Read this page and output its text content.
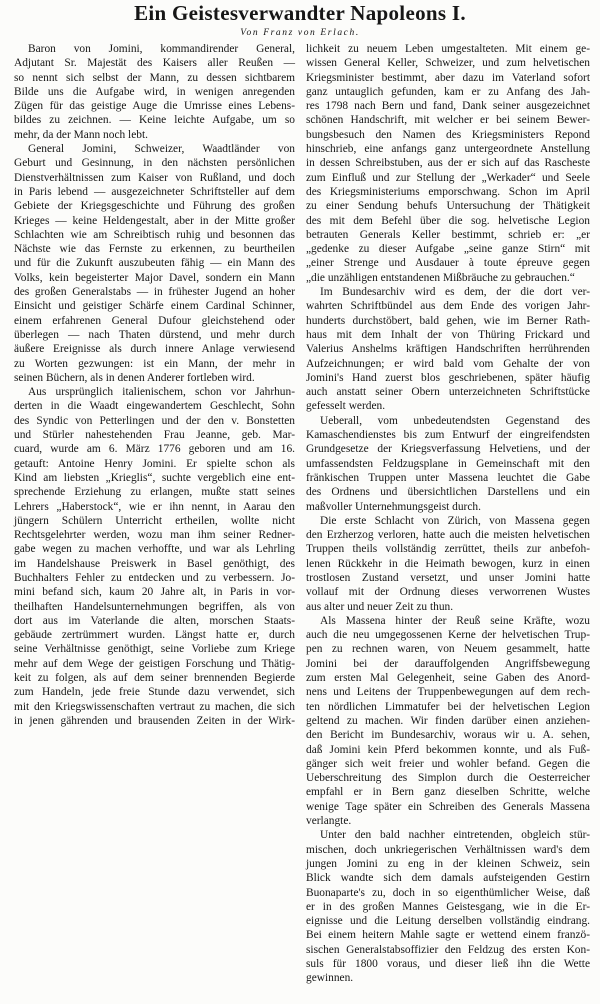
Ein Geistesverwandter Napoleons I.
Von Franz von Erlach.
Baron von Jomini, kommandirender General,
Adjutant Sr. Majestät des Kaisers aller Reußen —
so nennt sich selbst der Mann, zu dessen sichtbarem
Bilde uns die Aufgabe wird, in wenigen anregenden
Zügen für das geistige Auge die Umrisse eines Lebens-
bildes zu zeichnen. — Keine leichte Aufgabe, um so
mehr, da der Mann noch lebt.
General Jomini, Schweizer, Waadtländer von
Geburt und Gesinnung, in den nächsten persönlichen
Dienstverhältnissen zum Kaiser von Rußland, und doch
in Paris lebend — ausgezeichneter Schriftsteller auf dem
Gebiete der Kriegsgeschichte und Führung des großen
Krieges — keine Heldengestalt, aber in der Mitte großer
Schlachten wie am Schreibtisch ruhig und besonnen das
Nächste wie das Fernste zu erkennen, zu beurtheilen
und für die Zukunft auszubeuten fähig — ein Mann des
Volks, kein begeisterter Major Davel, sondern ein Mann
des großen Generalstabs — in frühester Jugend an hoher
Einsicht und geistiger Schärfe einem Cardinal Schinner,
einem erfahrenen General Dufour gleichstehend oder
überlegen — nach Thaten dürstend, und mehr durch
äußere Ereignisse als durch innere Anlage verwiesend
zu Worten gezwungen: ist ein Mann, der mehr in
seinen Büchern, als in denen Anderer fortleben wird.
Aus ursprünglich italienischem, schon vor Jahrhun-
derten in die Waadt eingewandertem Geschlecht, Sohn
des Syndic von Petterlingen und der den v. Bonstetten
und Stürler nahestehenden Frau Jeanne, geb. Mar-
cuard, wurde am 6. März 1776 geboren und am 16.
getauft: Antoine Henry Jomini. Er spielte schon als
Kind am liebsten „Krieglis“, suchte vergeblich eine ent-
sprechende Erziehung zu erlangen, mußte statt seines
Lehrers „Haberstock“, wie er ihn nennt, in Aarau den
jüngern Schülern Unterricht ertheilen, wollte nicht
Rechtsgelehrter werden, wozu man ihm seiner Redner-
gabe wegen zu machen verhoffte, und war als Lehrling
im Handelshause Preiswerk in Basel genöthigt, des
Buchhalters Fehler zu entdecken und zu verbessern. Jo-
mini befand sich, kaum 20 Jahre alt, in Paris in vor-
theilhaften Handelsunternehmungen begriffen, als von
dort aus im Vaterlande die alten, morschen Staats-
gebäude zertrümmert wurden. Längst hatte er, durch
seine Verhältnisse genöthigt, seine Vorliebe zum Kriege
mehr auf dem Wege der geistigen Forschung und Thätig-
keit zu folgen, als auf dem seiner brennenden Begierde
zum Handeln, jede freie Stunde dazu verwendet, sich
mit den Kriegswissenschaften vertraut zu machen, die sich
in jenen gährenden und brausenden Zeiten in der Wirk-
lichkeit zu neuem Leben umgestalteten. Mit einem ge-
wissen General Keller, Schweizer, und zum helvetischen
Kriegsminister bestimmt, aber dazu im Vaterland sofort
ganz untauglich gefunden, kam er zu Anfang des Jah-
res 1798 nach Bern und fand, Dank seiner ausgezeichnet
schönen Handschrift, mit welcher er bei seinem Bewer-
bungsbesuch den Namen des Kriegsministers Repond
hinschrieb, eine anfangs ganz untergeordnete Anstellung
in dessen Schreibstuben, aus der er sich auf das Rascheste
zum Einfluß und zur Stellung der „Werkader“ und Seele
des Kriegsministeriums emporschwang. Schon im April
zu einer Sendung behufs Untersuchung der Thätigkeit
des mit dem Befehl über die sog. helvetische Legion
betrauten Generals Keller bestimmt, schrieb er: „er
„gedenke zu dieser Aufgabe „seine ganze Stirn“ mit
„einer Strenge und Ausdauer à toute épreuve gegen
„die unzähligen entstandenen Mißbräuche zu gebrauchen.“
Im Bundesarchiv wird es dem, der die dort ver-
wahrten Schriftbündel aus dem Ende des vorigen Jahr-
hunderts durchstöbert, bald gehen, wie im Berner Rath-
haus mit dem Inhalt der von Thüring Frickard und
Valerius Anshelms kräftigen Handschriften herrührenden
Aufzeichnungen; er wird bald vom Gehalte der von
Jomini's Hand zuerst blos geschriebenen, später häufig
auch anstatt seiner Obern unterzeichneten Schriftstücke
gefesselt werden.
Ueberall, vom unbedeutendsten Gegenstand des
Kamaschendienstes bis zum Entwurf der eingreifendsten
Grundgesetze der Kriegsverfassung Helvetiens, und der
umfassendsten Feldzugsplane in Gemeinschaft mit den
fränkischen Truppen unter Massena leuchtet die Gabe
des Ordnens und übersichtlichen Darstellens und ein
maßvoller Unternehmungsgeist durch.
Die erste Schlacht von Zürich, von Massena gegen
den Erzherzog verloren, hatte auch die meisten helvetischen
Truppen theils vollständig zerrüttet, theils zur anbefoh-
lenen Rückkehr in die Heimath bewogen, kurz in einen
trostlosen Zustand versetzt, und unser Jomini hatte
vollauf mit der Ordnung dieses verworrenen Wustes
aus alter und neuer Zeit zu thun.
Als Massena hinter der Reuß seine Kräfte, wozu
auch die neu umgegossenen Kerne der helvetischen Trup-
pen zu rechnen waren, von Neuem gesammelt, hatte
Jomini bei der darauffolgenden Angriffsbewegung
zum ersten Mal Gelegenheit, seine Gaben des Anord-
nens und Leitens der Truppenbewegungen auf dem rech-
ten nördlichen Limmatufer bei der helvetischen Legion
geltend zu machen. Wir finden darüber einen anziehen-
den Bericht im Bundesarchiv, woraus wir u. A. sehen,
daß Jomini kein Pferd bekommen konnte, und als Fuß-
gänger sich weit freier und wohler befand. Gegen die
Ueberschreitung des Simplon durch die Oesterreicher
empfahl er in Bern ganz dieselben Schritte, welche
wenige Tage später ein Schreiben des Generals Massena
verlangte.
Unter den bald nachher eintretenden, obgleich stür-
mischen, doch unkriegerischen Verhältnissen ward's dem
jungen Jomini zu eng in der kleinen Schweiz, sein
Blick wandte sich dem damals aufsteigenden Gestirn
Buonaparte's zu, doch in so eigenthümlicher Weise, daß
er in des großen Mannes Geistesgang, wie in die Er-
eignisse und die Leitung derselben vollständig eindrang.
Bei einem heitern Mahle sagte er wettend einem franzö-
sischen Generalstabsoffizier den Feldzug des ersten Kon-
suls für 1800 voraus, und dieser ließ ihn die Wette
gewinnen.
